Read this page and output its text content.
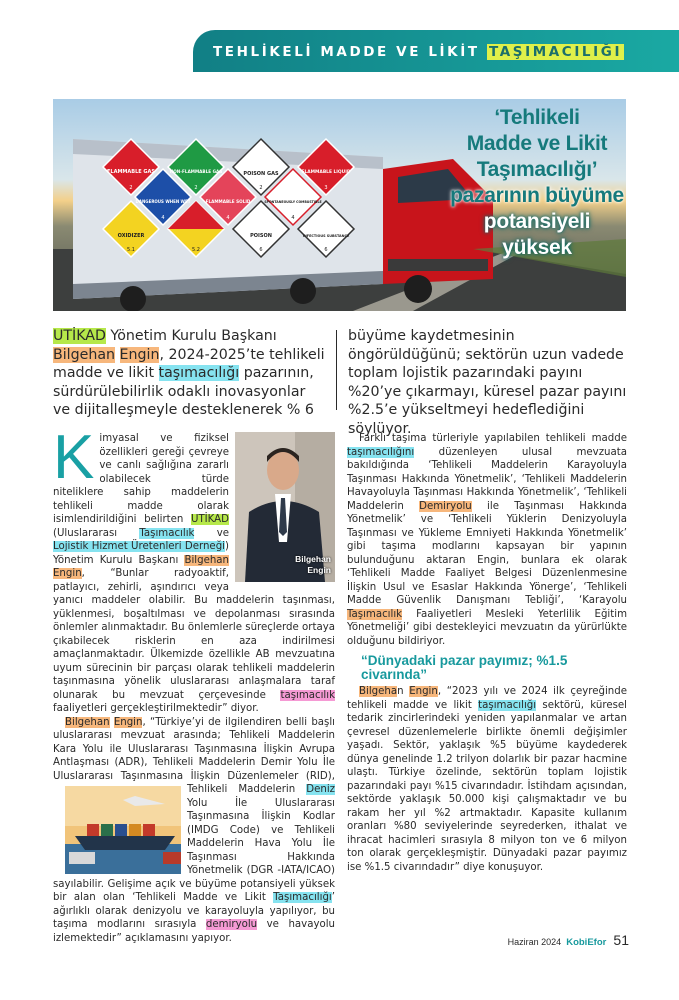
TEHLİKELİ MADDE VE LİKİT TAŞIMACILIĞI
FLAMMABLE GAS
2
NON-FLAMMABLE GAS
2
POISON GAS
2
FLAMMABLE LIQUID
3
DANGEROUS WHEN WET
4
FLAMMABLE SOLID
4
SPONTANEOUSLY COMBUSTIBLE
4
OXIDIZER
5.1	5.2
POISON
6
INFECTIOUS SUBSTANCE
6
‘Tehlikeli
Madde ve Likit
Taşımacılığı’
pazarının büyüme
potansiyeli
yüksek
UTİKAD Yönetim Kurulu Başkanı Bilgehan Engin, 2024-2025’te tehlikeli madde ve likit taşımacılığı pazarının, sürdürülebilirlik odaklı inovasyonlar ve dijitalleşmeyle desteklenerek % 6
büyüme kaydetmesinin öngörüldüğünü; sektörün uzun vadede toplam lojistik pazarındaki payını %20’ye çıkarmayı, küresel pazar payını %2.5’e yükseltmeyi hedeflediğini söylüyor.
Bilgehan
Engin

Kimyasal ve fiziksel özellikleri gereği çevreye ve canlı sağlığına zararlı olabilecek türde niteliklere sahip maddelerin tehlikeli madde olarak isimlendirildiğini belirten UTİKAD (Uluslararası Taşımacılık ve Lojistik Hizmet Üretenleri Derneği) Yönetim Kurulu Başkanı Bilgehan Engin, “Bunlar radyoaktif, patlayıcı, zehirli, aşındırıcı veya yanıcı maddeler olabilir. Bu maddelerin taşınması, yüklenmesi, boşaltılması ve depolanması sırasında önlemler alınmaktadır. Bu önlemlerle süreçlerde ortaya çıkabilecek risklerin en aza indirilmesi amaçlanmaktadır. Ülkemizde özellikle AB mevzuatına uyum sürecinin bir parçası olarak tehlikeli maddelerin taşınmasına yönelik uluslararası anlaşmalara taraf olunarak bu mevzuat çerçevesinde taşımacılık faaliyetleri gerçekleştirilmektedir” diyor.

Bilgehan Engin, “Türkiye’yi de ilgilendiren belli başlı uluslararası mevzuat arasında; Tehlikeli Maddelerin Kara Yolu ile Uluslararası Taşınmasına İlişkin Avrupa Antlaşması (ADR), Tehlikeli Maddelerin Demir Yolu İle Uluslararası Taşınmasına İlişkin Düzenlemeler (RID), Tehlikeli Maddelerin
Deniz Yolu İle Uluslararası Taşınmasına İlişkin Kodlar (IMDG Code) ve Tehlikeli Maddelerin Hava Yolu İle Taşınması Hakkında Yönetmelik (DGR -IATA/ICAO) sayılabilir. Gelişime açık ve büyüme potansiyeli yüksek bir alan olan ‘Tehlikeli Madde ve Likit Taşımacılığı’ ağırlıklı olarak denizyolu ve karayoluyla yapılıyor, bu taşıma modlarını sırasıyla demiryolu ve havayolu izlemektedir” açıklamasını yapıyor.

Farklı taşıma türleriyle yapılabilen tehlikeli madde taşımacılığını düzenleyen ulusal mevzuata bakıldığında ‘Tehlikeli Maddelerin Karayoluyla Taşınması Hakkında Yönetmelik’, ‘Tehlikeli Maddelerin Havayoluyla Taşınması Hakkında Yönetmelik’, ‘Tehlikeli Maddelerin Demiryolu ile Taşınması Hakkında Yönetmelik’ ve ‘Tehlikeli Yüklerin Denizyoluyla Taşınması ve Yükleme Emniyeti Hakkında Yönetmelik’ gibi taşıma modlarını kapsayan bir yapının bulunduğunu aktaran Engin, bunlara ek olarak ‘Tehlikeli Madde Faaliyet Belgesi Düzenlenmesine İlişkin Usul ve Esaslar Hakkında Yönerge’, ‘Tehlikeli Madde Güvenlik Danışmanı Tebliği’, ‘Karayolu Taşımacılık Faaliyetleri Mesleki Yeterlilik Eğitim Yönetmeliği’ gibi destekleyici mevzuatın da yürürlükte olduğunu bildiriyor.

“Dünyadaki pazar payımız; %1.5 civarında”

Bilgehan Engin, “2023 yılı ve 2024 ilk çeyreğinde tehlikeli madde ve likit taşımacılığı sektörü, küresel tedarik zincirlerindeki yeniden yapılanmalar ve artan çevresel düzenlemelerle birlikte önemli değişimler yaşadı. Sektör, yaklaşık %5 büyüme kaydederek dünya genelinde 1.2 trilyon dolarlık bir pazar hacmine ulaştı. Türkiye özelinde, sektörün toplam lojistik pazarındaki payı %15 civarındadır. İstihdam açısından, sektörde yaklaşık 50.000 kişi çalışmaktadır ve bu rakam her yıl %2 artmaktadır. Kapasite kullanım oranları %80 seviyelerinde seyrederken, ithalat ve ihracat hacimleri sırasıyla 8 milyon ton ve 6 milyon ton olarak gerçekleşmiştir. Dünyadaki pazar payımız ise %1.5 civarındadır” diye konuşuyor.

Haziran 2024 KobiEfor 51
